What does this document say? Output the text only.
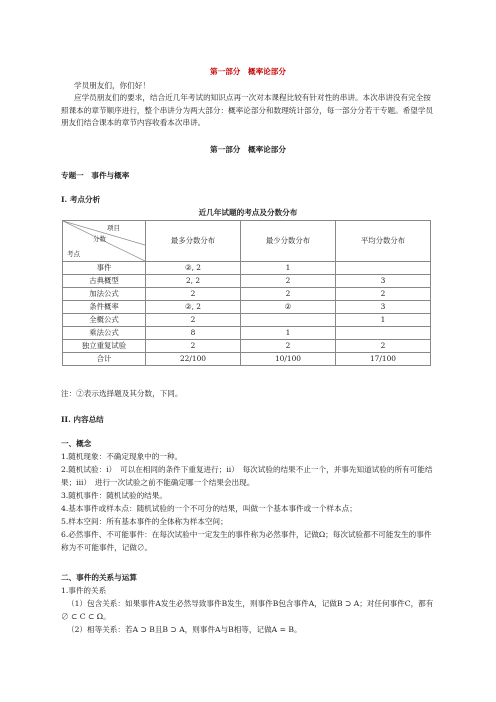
第一部分　概率论部分
学员朋友们，你们好！

应学员朋友们的要求，结合近几年考试的知识点再一次对本课程比较有针对性的串讲。本次串讲没有完全按照课本的章节顺序进行，整个串讲分为两大部分：概率论部分和数理统计部分，每一部分分若干专题。希望学员朋友们结合课本的章节内容收看本次串讲。

第一部分　概率论部分
专题一　事件与概率
I. 考点分析
近几年试题的考点及分数分布
项目
分数
考点	最多分数分布	最少分数分布	平均分数分布
事件	②, 2	1	
古典概型	2, 2	2	3
加法公式	2	2	2
条件概率	②, 2	②	3
全概公式	2		1
乘法公式	8	1	
独立重复试验	2	2	2
合计	22/100	10/100	17/100
注：②表示选择题及其分数，下同。
II. 内容总结
一、概念

1.随机现象：不确定现象中的一种。

2.随机试验：i）　可以在相同的条件下重复进行；ii）　每次试验的结果不止一个，并事先知道试验的所有可能结果；iii）　进行一次试验之前不能确定哪一个结果会出现。

3.随机事件：随机试验的结果。

4.基本事件或样本点：随机试验的一个不可分的结果，叫做一个基本事件或一个样本点；

5.样本空间：所有基本事件的全体称为样本空间；

6.必然事件、不可能事件：在每次试验中一定发生的事件称为必然事件，记做Ω；每次试验都不可能发生的事件称为不可能事件，记做∅。

二、事件的关系与运算

1.事件的关系

（1）包含关系：如果事件A发生必然导致事件B发生，则事件B包含事件A，记做B ⊃ A；对任何事件C，都有∅ ⊂ C ⊂ Ω。

（2）相等关系：若A ⊃ B且B ⊃ A，则事件A与B相等，记做A = B。
